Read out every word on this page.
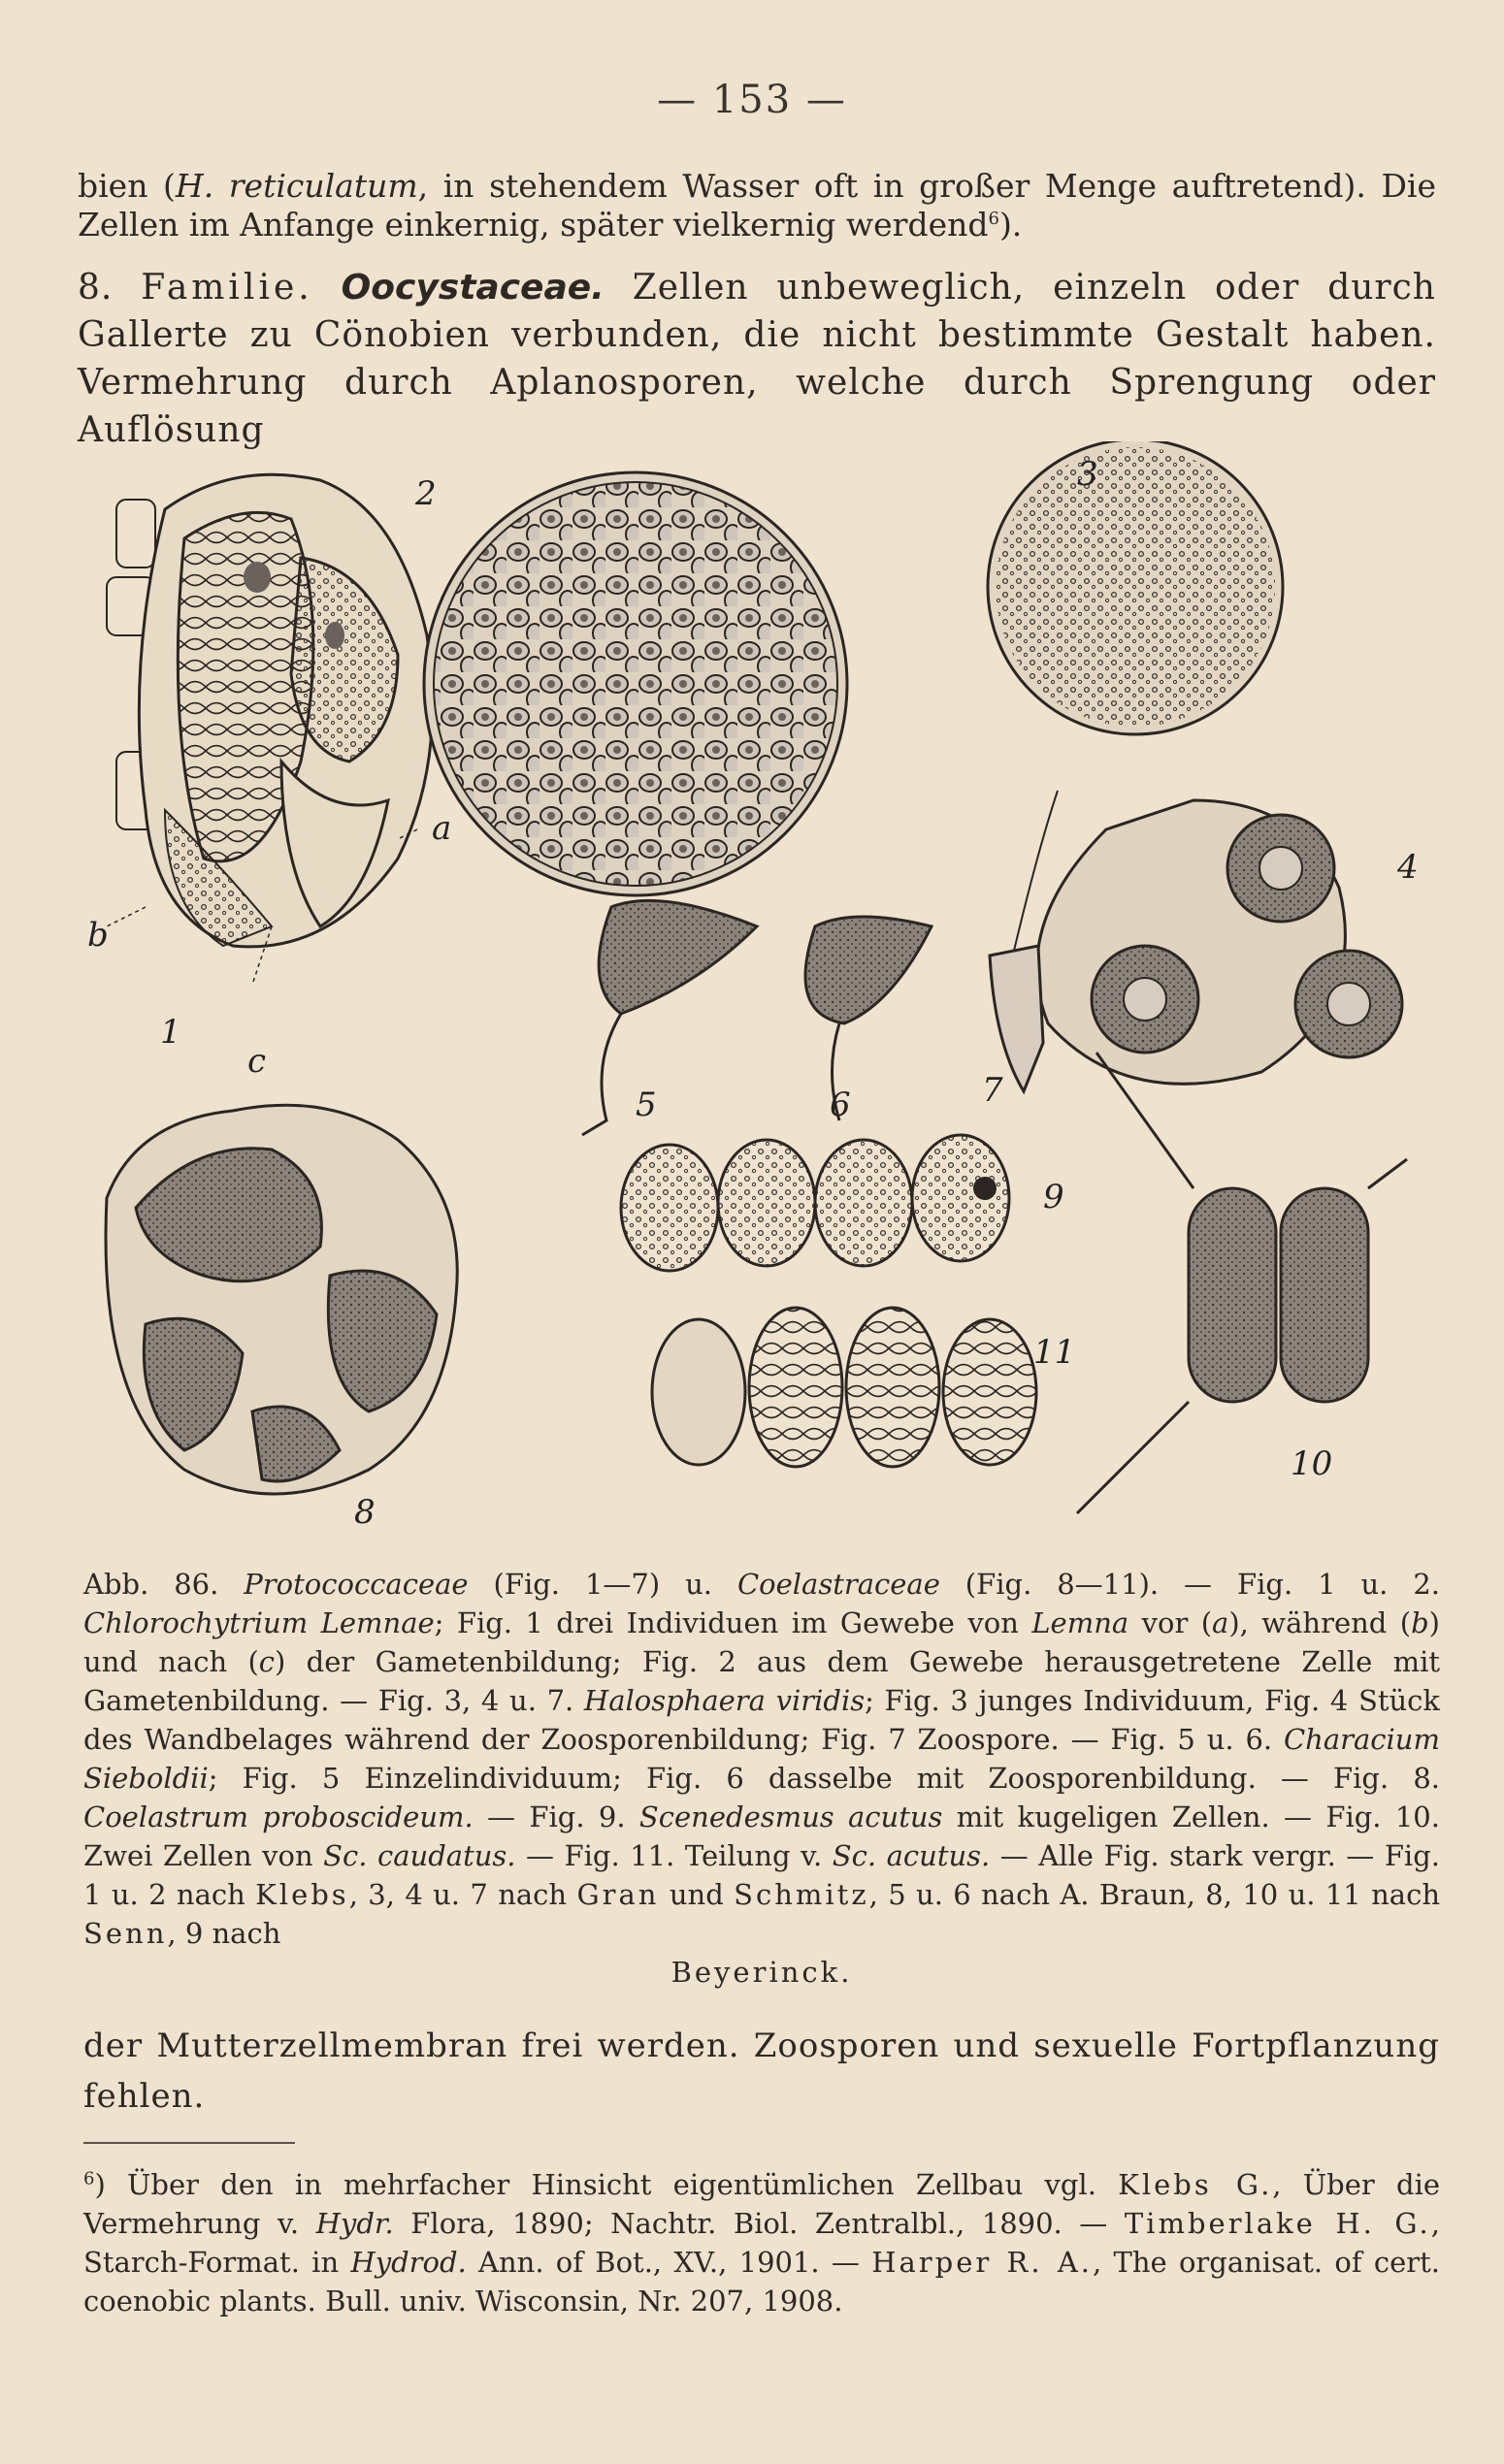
— 153 —
bien (H. reticulatum, in stehendem Wasser oft in großer Menge auftretend). Die Zellen im Anfange einkernig, später vielkernig werdend$^6$).
8. Familie. Oocystaceae. Zellen unbeweglich, einzeln oder durch Gallerte zu Cönobien verbunden, die nicht bestimmte Gestalt haben. Vermehrung durch Aplanosporen, welche durch Sprengung oder Auflösung
1
b
a
c
2	3
4
5	6	7
8
9
10
11
Abb. 86. Protococcaceae (Fig. 1—7) u. Coelastraceae (Fig. 8—11). — Fig. 1 u. 2. Chlorochytrium Lemnae; Fig. 1 drei Individuen im Gewebe von Lemna vor (a), während (b) und nach (c) der Gametenbildung; Fig. 2 aus dem Gewebe herausgetretene Zelle mit Gametenbildung. — Fig. 3, 4 u. 7. Halosphaera viridis; Fig. 3 junges Individuum, Fig. 4 Stück des Wandbelages während der Zoosporenbildung; Fig. 7 Zoospore. — Fig. 5 u. 6. Characium Sieboldii; Fig. 5 Einzelindividuum; Fig. 6 dasselbe mit Zoosporenbildung. — Fig. 8. Coelastrum proboscideum. — Fig. 9. Scenedesmus acutus mit kugeligen Zellen. — Fig. 10. Zwei Zellen von Sc. caudatus. — Fig. 11. Teilung v. Sc. acutus. — Alle Fig. stark vergr. — Fig. 1 u. 2 nach Klebs, 3, 4 u. 7 nach Gran und Schmitz, 5 u. 6 nach A. Braun, 8, 10 u. 11 nach Senn, 9 nach
Beyerinck.
der Mutterzellmembran frei werden. Zoosporen und sexuelle Fortpflanzung fehlen.
$^6$) Über den in mehrfacher Hinsicht eigentümlichen Zellbau vgl. Klebs G., Über die Vermehrung v. Hydr. Flora, 1890; Nachtr. Biol. Zentralbl., 1890. — Timberlake H. G., Starch-Format. in Hydrod. Ann. of Bot., XV., 1901. — Harper R. A., The organisat. of cert. coenobic plants. Bull. univ. Wisconsin, Nr. 207, 1908.
